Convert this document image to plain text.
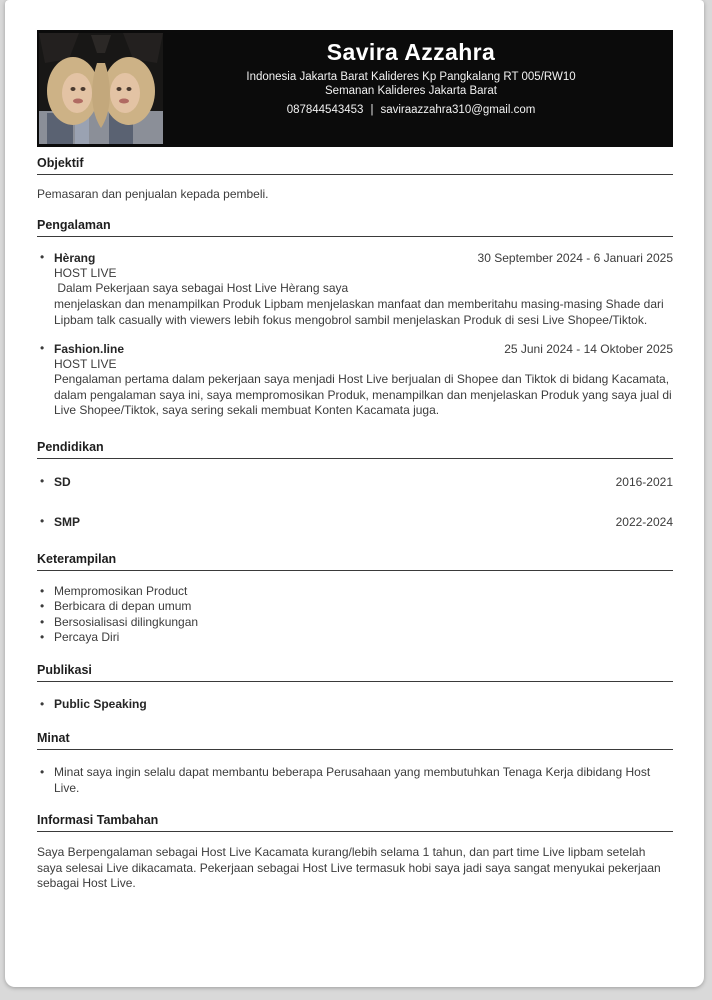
Savira Azzahra
Indonesia Jakarta Barat Kalideres Kp Pangkalang RT 005/RW10
Semanan Kalideres Jakarta Barat
087844543453 | saviraazzahra310@gmail.com
Objektif
Pemasaran dan penjualan kepada pembeli.
Pengalaman
•
Hèrang	30 September 2024 - 6 Januari 2025
HOST LIVE
Dalam Pekerjaan saya sebagai Host Live Hèrang saya
menjelaskan dan menampilkan Produk Lipbam menjelaskan manfaat dan memberitahu masing-masing Shade dari Lipbam talk casually with viewers lebih fokus mengobrol sambil menjelaskan Produk di sesi Live Shopee/Tiktok.
•
Fashion.line	25 Juni 2024 - 14 Oktober 2025
HOST LIVE
Pengalaman pertama dalam pekerjaan saya menjadi Host Live berjualan di Shopee dan Tiktok di bidang Kacamata, dalam pengalaman saya ini, saya mempromosikan Produk, menampilkan dan menjelaskan Produk yang saya jual di Live Shopee/Tiktok, saya sering sekali membuat Konten Kacamata juga.
Pendidikan
•
SD	2016-2021
•
SMP	2022-2024
Keterampilan
•
Mempromosikan Product
•
Berbicara di depan umum
•
Bersosialisasi dilingkungan
•
Percaya Diri
Publikasi
•
Public Speaking
Minat
•
Minat saya ingin selalu dapat membantu beberapa Perusahaan yang membutuhkan Tenaga Kerja dibidang Host Live.
Informasi Tambahan
Saya Berpengalaman sebagai Host Live Kacamata kurang/lebih selama 1 tahun, dan part time Live lipbam setelah saya selesai Live dikacamata. Pekerjaan sebagai Host Live termasuk hobi saya jadi saya sangat menyukai pekerjaan sebagai Host Live.
